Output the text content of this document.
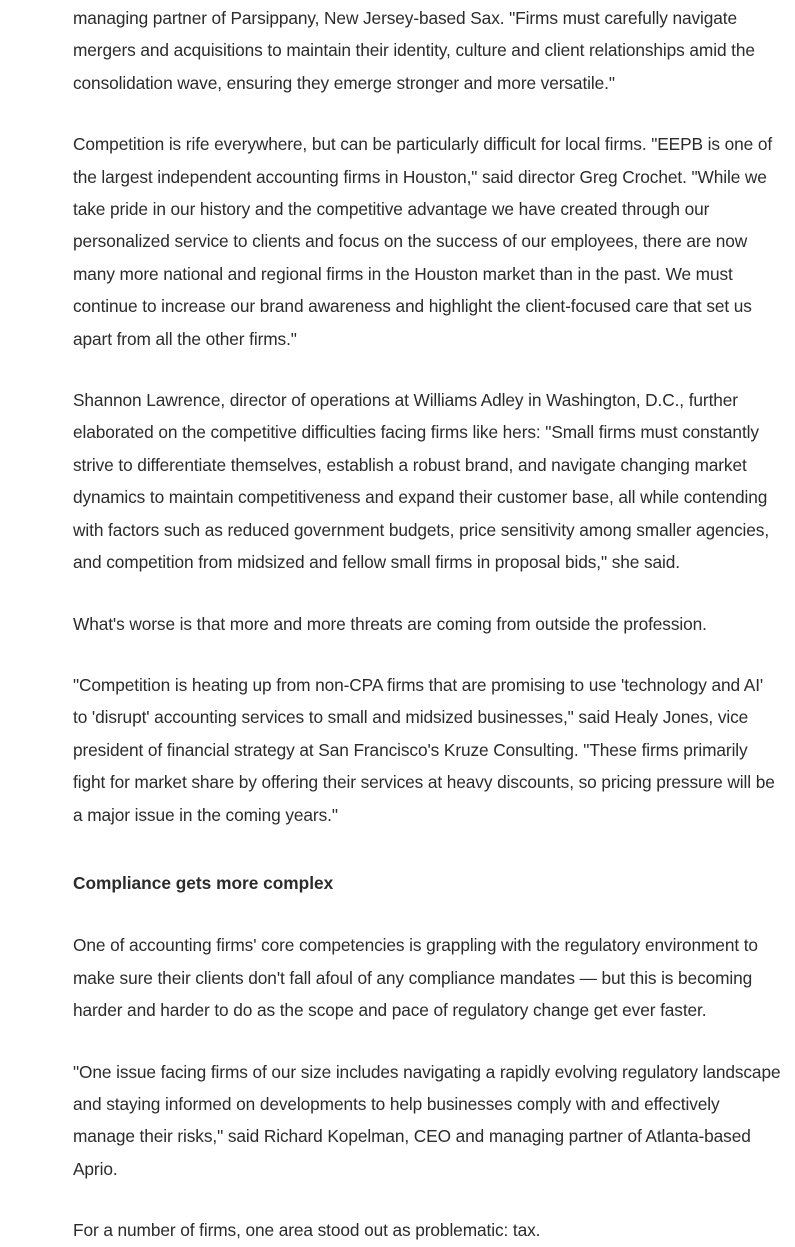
managing partner of Parsippany, New Jersey-based Sax. "Firms must carefully navigate mergers and acquisitions to maintain their identity, culture and client relationships amid the consolidation wave, ensuring they emerge stronger and more versatile."

Competition is rife everywhere, but can be particularly difficult for local firms. "EEPB is one of the largest independent accounting firms in Houston," said director Greg Crochet. "While we take pride in our history and the competitive advantage we have created through our personalized service to clients and focus on the success of our employees, there are now many more national and regional firms in the Houston market than in the past. We must continue to increase our brand awareness and highlight the client-focused care that set us apart from all the other firms."

Shannon Lawrence, director of operations at Williams Adley in Washington, D.C., further elaborated on the competitive difficulties facing firms like hers: "Small firms must constantly strive to differentiate themselves, establish a robust brand, and navigate changing market dynamics to maintain competitiveness and expand their customer base, all while contending with factors such as reduced government budgets, price sensitivity among smaller agencies, and competition from midsized and fellow small firms in proposal bids," she said.

What's worse is that more and more threats are coming from outside the profession.

"Competition is heating up from non-CPA firms that are promising to use 'technology and AI' to 'disrupt' accounting services to small and midsized businesses," said Healy Jones, vice president of financial strategy at San Francisco's Kruze Consulting. "These firms primarily fight for market share by offering their services at heavy discounts, so pricing pressure will be a major issue in the coming years."

Compliance gets more complex

One of accounting firms' core competencies is grappling with the regulatory environment to make sure their clients don't fall afoul of any compliance mandates — but this is becoming harder and harder to do as the scope and pace of regulatory change get ever faster.

"One issue facing firms of our size includes navigating a rapidly evolving regulatory landscape and staying informed on developments to help businesses comply with and effectively manage their risks," said Richard Kopelman, CEO and managing partner of Atlanta-based Aprio.

For a number of firms, one area stood out as problematic: tax.
